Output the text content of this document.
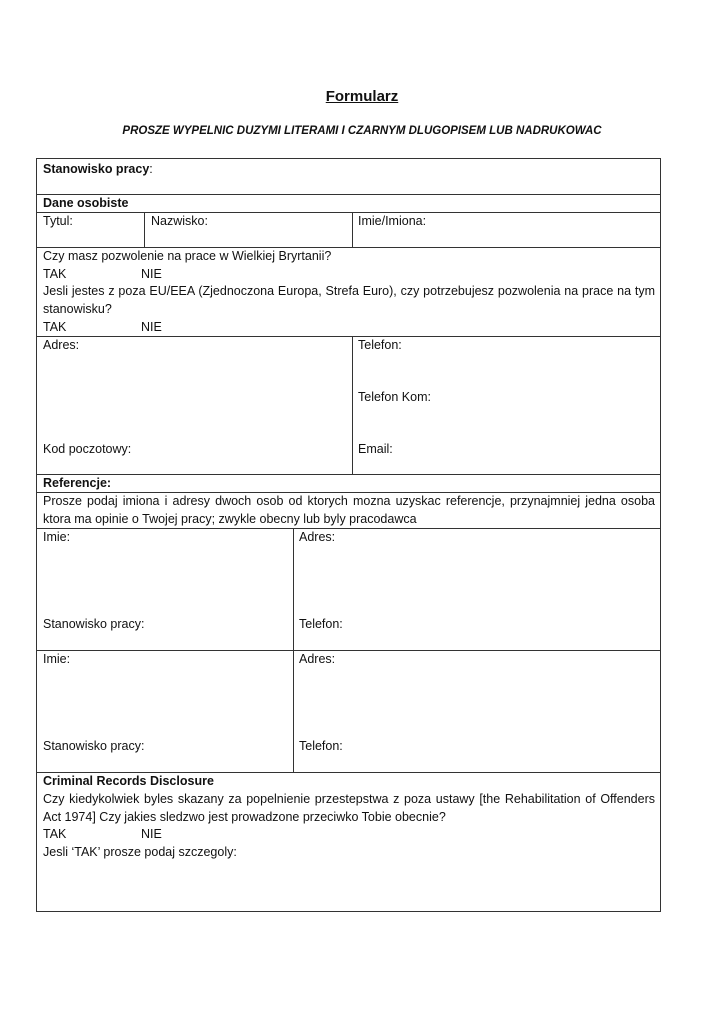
Formularz
PROSZE WYPELNIC DUZYMI LITERAMI I CZARNYM DLUGOPISEM LUB NADRUKOWAC
Stanowisko pracy:
Dane osobiste
Tytul:	Nazwisko:	Imie/Imiona:
Czy masz pozwolenie na prace w Wielkiej Bryrtanii?
TAK	NIE
Jesli jestes z poza EU/EEA (Zjednoczona Europa, Strefa Euro), czy potrzebujesz pozwolenia na prace na tym stanowisku?
TAK	NIE
Adres:
Kod poczotowy:
Telefon:
Telefon Kom:
Email:
Referencje:
Prosze podaj imiona i adresy dwoch osob od ktorych mozna uzyskac referencje, przynajmniej jedna osoba ktora ma opinie o Twojej pracy; zwykle obecny lub byly pracodawca
Imie:	Adres:
Stanowisko pracy:	Telefon:
Imie:	Adres:
Stanowisko pracy:	Telefon:
Criminal Records Disclosure
Czy kiedykolwiek byles skazany za popelnienie przestepstwa z poza ustawy [the Rehabilitation of Offenders Act 1974] Czy jakies sledzwo jest prowadzone przeciwko Tobie obecnie?
TAK	NIE
Jesli ‘TAK’ prosze podaj szczegoly:
